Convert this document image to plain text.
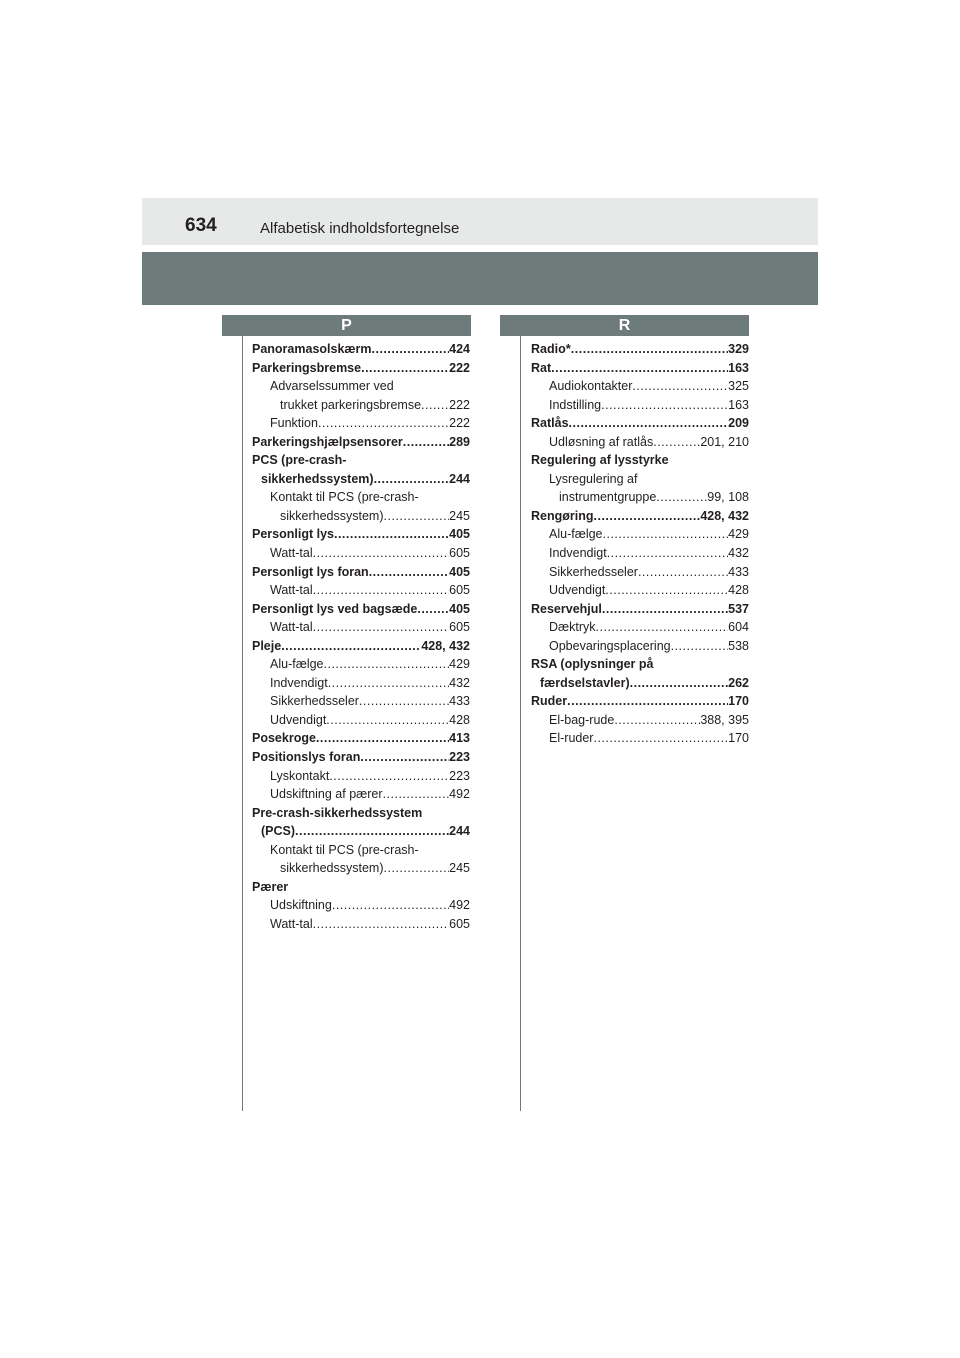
634	Alfabetisk indholdsfortegnelse
P	R
Panoramasolskærm .....	424
Parkeringsbremse .....	222
Advarselssummer ved
trukket parkeringsbremse ..... 222
Funktion .....	222
Parkeringshjælpsensorer .....	289
PCS (pre-crash-
sikkerhedssystem) .....	244
Kontakt til PCS (pre-crash-
sikkerhedssystem) .....	245
Personligt lys .....	405
Watt-tal .....	605
Personligt lys foran .....	405
Watt-tal .....	605
Personligt lys ved bagsæde .....	405
Watt-tal .....	605
Pleje .....	428, 432
Alu-fælge .....	429
Indvendigt .....	432
Sikkerhedsseler .....	433
Udvendigt .....	428
Posekroge .....	413
Positionslys foran .....	223
Lyskontakt .....	223
Udskiftning af pærer .....	492
Pre-crash-sikkerhedssystem
(PCS) .....	244
Kontakt til PCS (pre-crash-
sikkerhedssystem) .....	245
Pærer
Udskiftning .....	492
Watt-tal .....	605
Radio * .....	329
Rat .....	163
Audiokontakter .....	325
Indstilling .....	163
Ratlås .....	209
Udløsning af ratlås .....	201, 210
Regulering af lysstyrke
Lysregulering af
instrumentgruppe .....	99, 108
Rengøring .....	428, 432
Alu-fælge .....	429
Indvendigt .....	432
Sikkerhedsseler .....	433
Udvendigt .....	428
Reservehjul .....	537
Dæktryk .....	604
Opbevaringsplacering .....	538
RSA (oplysninger på
færdselstavler) .....	262
Ruder .....	170
El-bag-rude .....	388, 395
El-ruder .....	170
